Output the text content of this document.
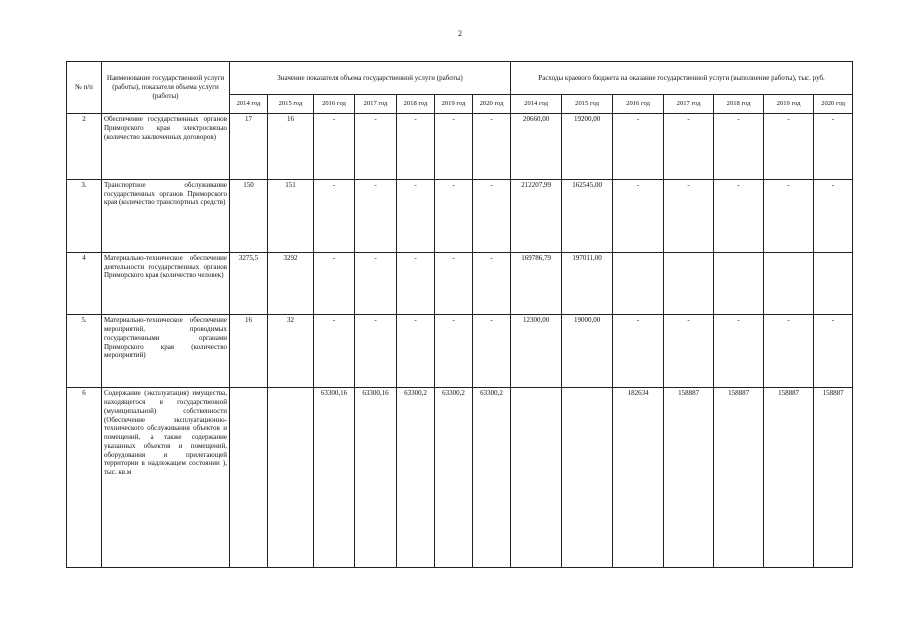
2
№ п/п	Наименование государственной услуги (работы), показателя объема услуги (работы)	Значение показателя объема государственной услуги (работы)							Расходы краевого бюджета на оказание государственной услуги (выполнение работы), тыс. руб.						
		2014 год	2015 год	2016 год	2017 год	2018 год	2019 год	2020 год	2014 год	2015 год	2016 год	2017 год	2018 год	2019 год	2020 год
2	Обеспечение государственных органов Приморского края электросвязью (количество заключенных договоров)	17	16	-	-	-	-	-	20660,00	19200,00	-	-	-	-	-
3.	Транспортное обслуживание государственных органов Приморского края (количество транспортных средств)	150	151	-	-	-	-	-	212207,99	162545,00	-	-	-	-	-
4	Материально-техническое обеспечение деятельности государственных органов Приморского края (количество человек)	3275,5	3292	-	-	-	-	-	169786,79	197011,00					
5.	Материально-техническое обеспечение мероприятий, проводимых государственными органами Приморского края (количество мероприятий)	16	32	-	-	-	-	-	12300,00	19000,00	-	-	-	-	-
6	Содержание (эксплуатация) имущества, находящегося в государственной (муниципальной) собственности (Обеспечение эксплуатационно-технического обслуживания объектов и помещений, а также содержание указанных объектов и помещений, оборудования и прилегающей территории в надлежащем состоянии ), тыс. кв.м			63300,16	63300,16	63300,2	63300,2	63300,2			182634	158887	158887	158887	158887
